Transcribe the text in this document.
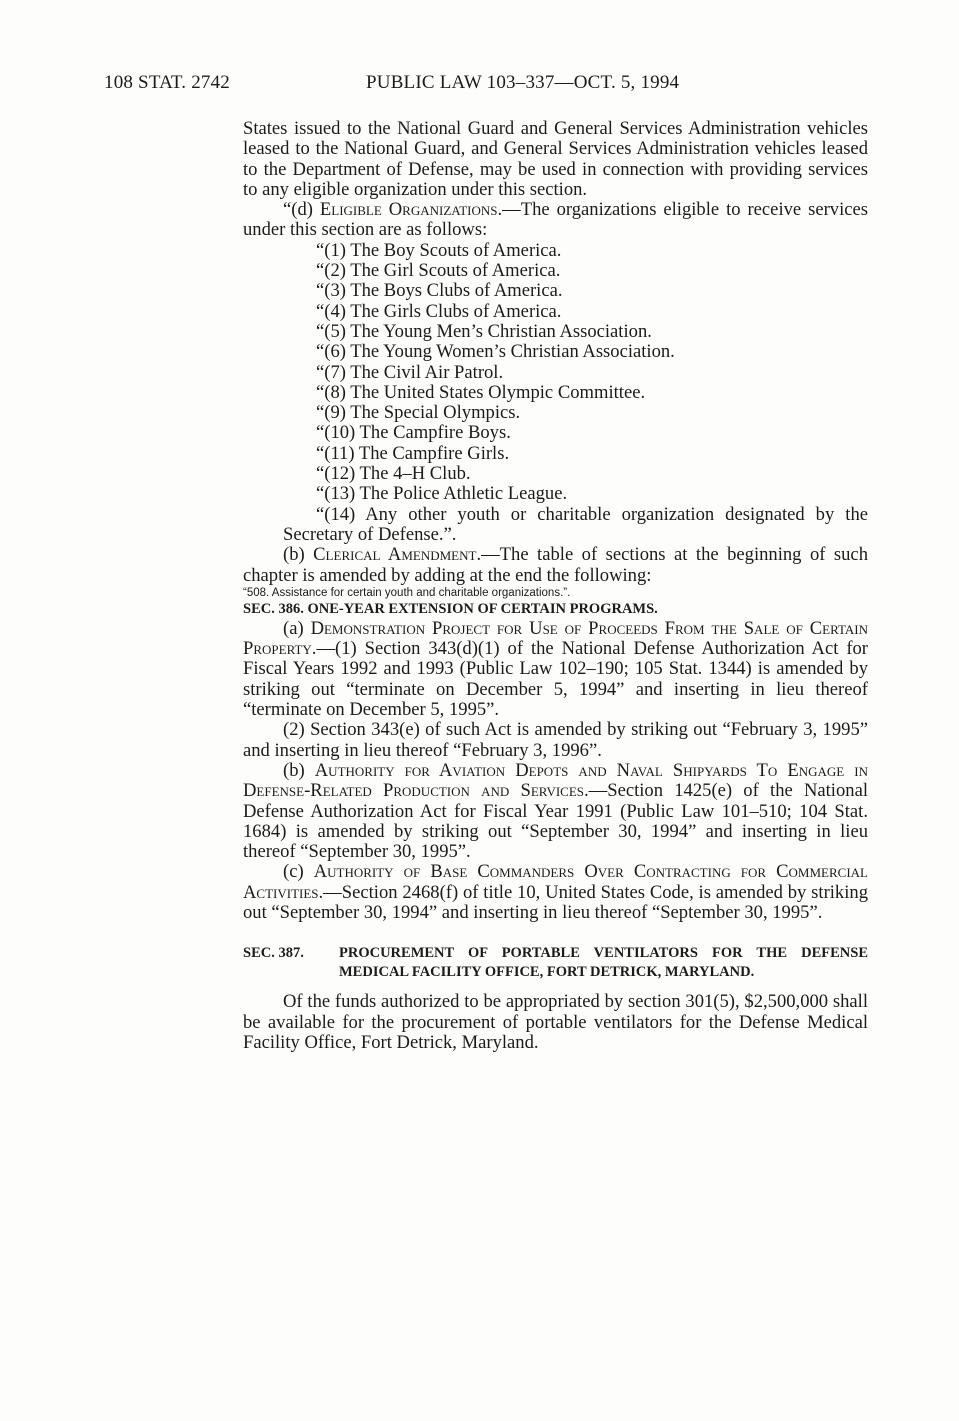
108 STAT. 2742	PUBLIC LAW 103–337—OCT. 5, 1994

States issued to the National Guard and General Services Administration vehicles leased to the National Guard, and General Services Administration vehicles leased to the Department of Defense, may be used in connection with providing services to any eligible organization under this section.

“(d) Eligible Organizations.—The organizations eligible to receive services under this section are as follows:

“(1) The Boy Scouts of America.

“(2) The Girl Scouts of America.

“(3) The Boys Clubs of America.

“(4) The Girls Clubs of America.

“(5) The Young Men’s Christian Association.

“(6) The Young Women’s Christian Association.

“(7) The Civil Air Patrol.

“(8) The United States Olympic Committee.

“(9) The Special Olympics.

“(10) The Campfire Boys.

“(11) The Campfire Girls.

“(12) The 4–H Club.

“(13) The Police Athletic League.

“(14) Any other youth or charitable organization designated by the Secretary of Defense.”.

(b) Clerical Amendment.—The table of sections at the beginning of such chapter is amended by adding at the end the following:

“508. Assistance for certain youth and charitable organizations.”.

SEC. 386. ONE-YEAR EXTENSION OF CERTAIN PROGRAMS.

(a) Demonstration Project for Use of Proceeds From the Sale of Certain Property.—(1) Section 343(d)(1) of the National Defense Authorization Act for Fiscal Years 1992 and 1993 (Public Law 102–190; 105 Stat. 1344) is amended by striking out “terminate on December 5, 1994” and inserting in lieu thereof “terminate on December 5, 1995”.

(2) Section 343(e) of such Act is amended by striking out “February 3, 1995” and inserting in lieu thereof “February 3, 1996”.

(b) Authority for Aviation Depots and Naval Shipyards To Engage in Defense-Related Production and Services.—Section 1425(e) of the National Defense Authorization Act for Fiscal Year 1991 (Public Law 101–510; 104 Stat. 1684) is amended by striking out “September 30, 1994” and inserting in lieu thereof “September 30, 1995”.

(c) Authority of Base Commanders Over Contracting for Commercial Activities.—Section 2468(f) of title 10, United States Code, is amended by striking out “September 30, 1994” and inserting in lieu thereof “September 30, 1995”.

SEC. 387.	PROCUREMENT OF PORTABLE VENTILATORS FOR THE DEFENSE MEDICAL FACILITY OFFICE, FORT DETRICK, MARYLAND.

Of the funds authorized to be appropriated by section 301(5), $2,500,000 shall be available for the procurement of portable ventilators for the Defense Medical Facility Office, Fort Detrick, Maryland.
